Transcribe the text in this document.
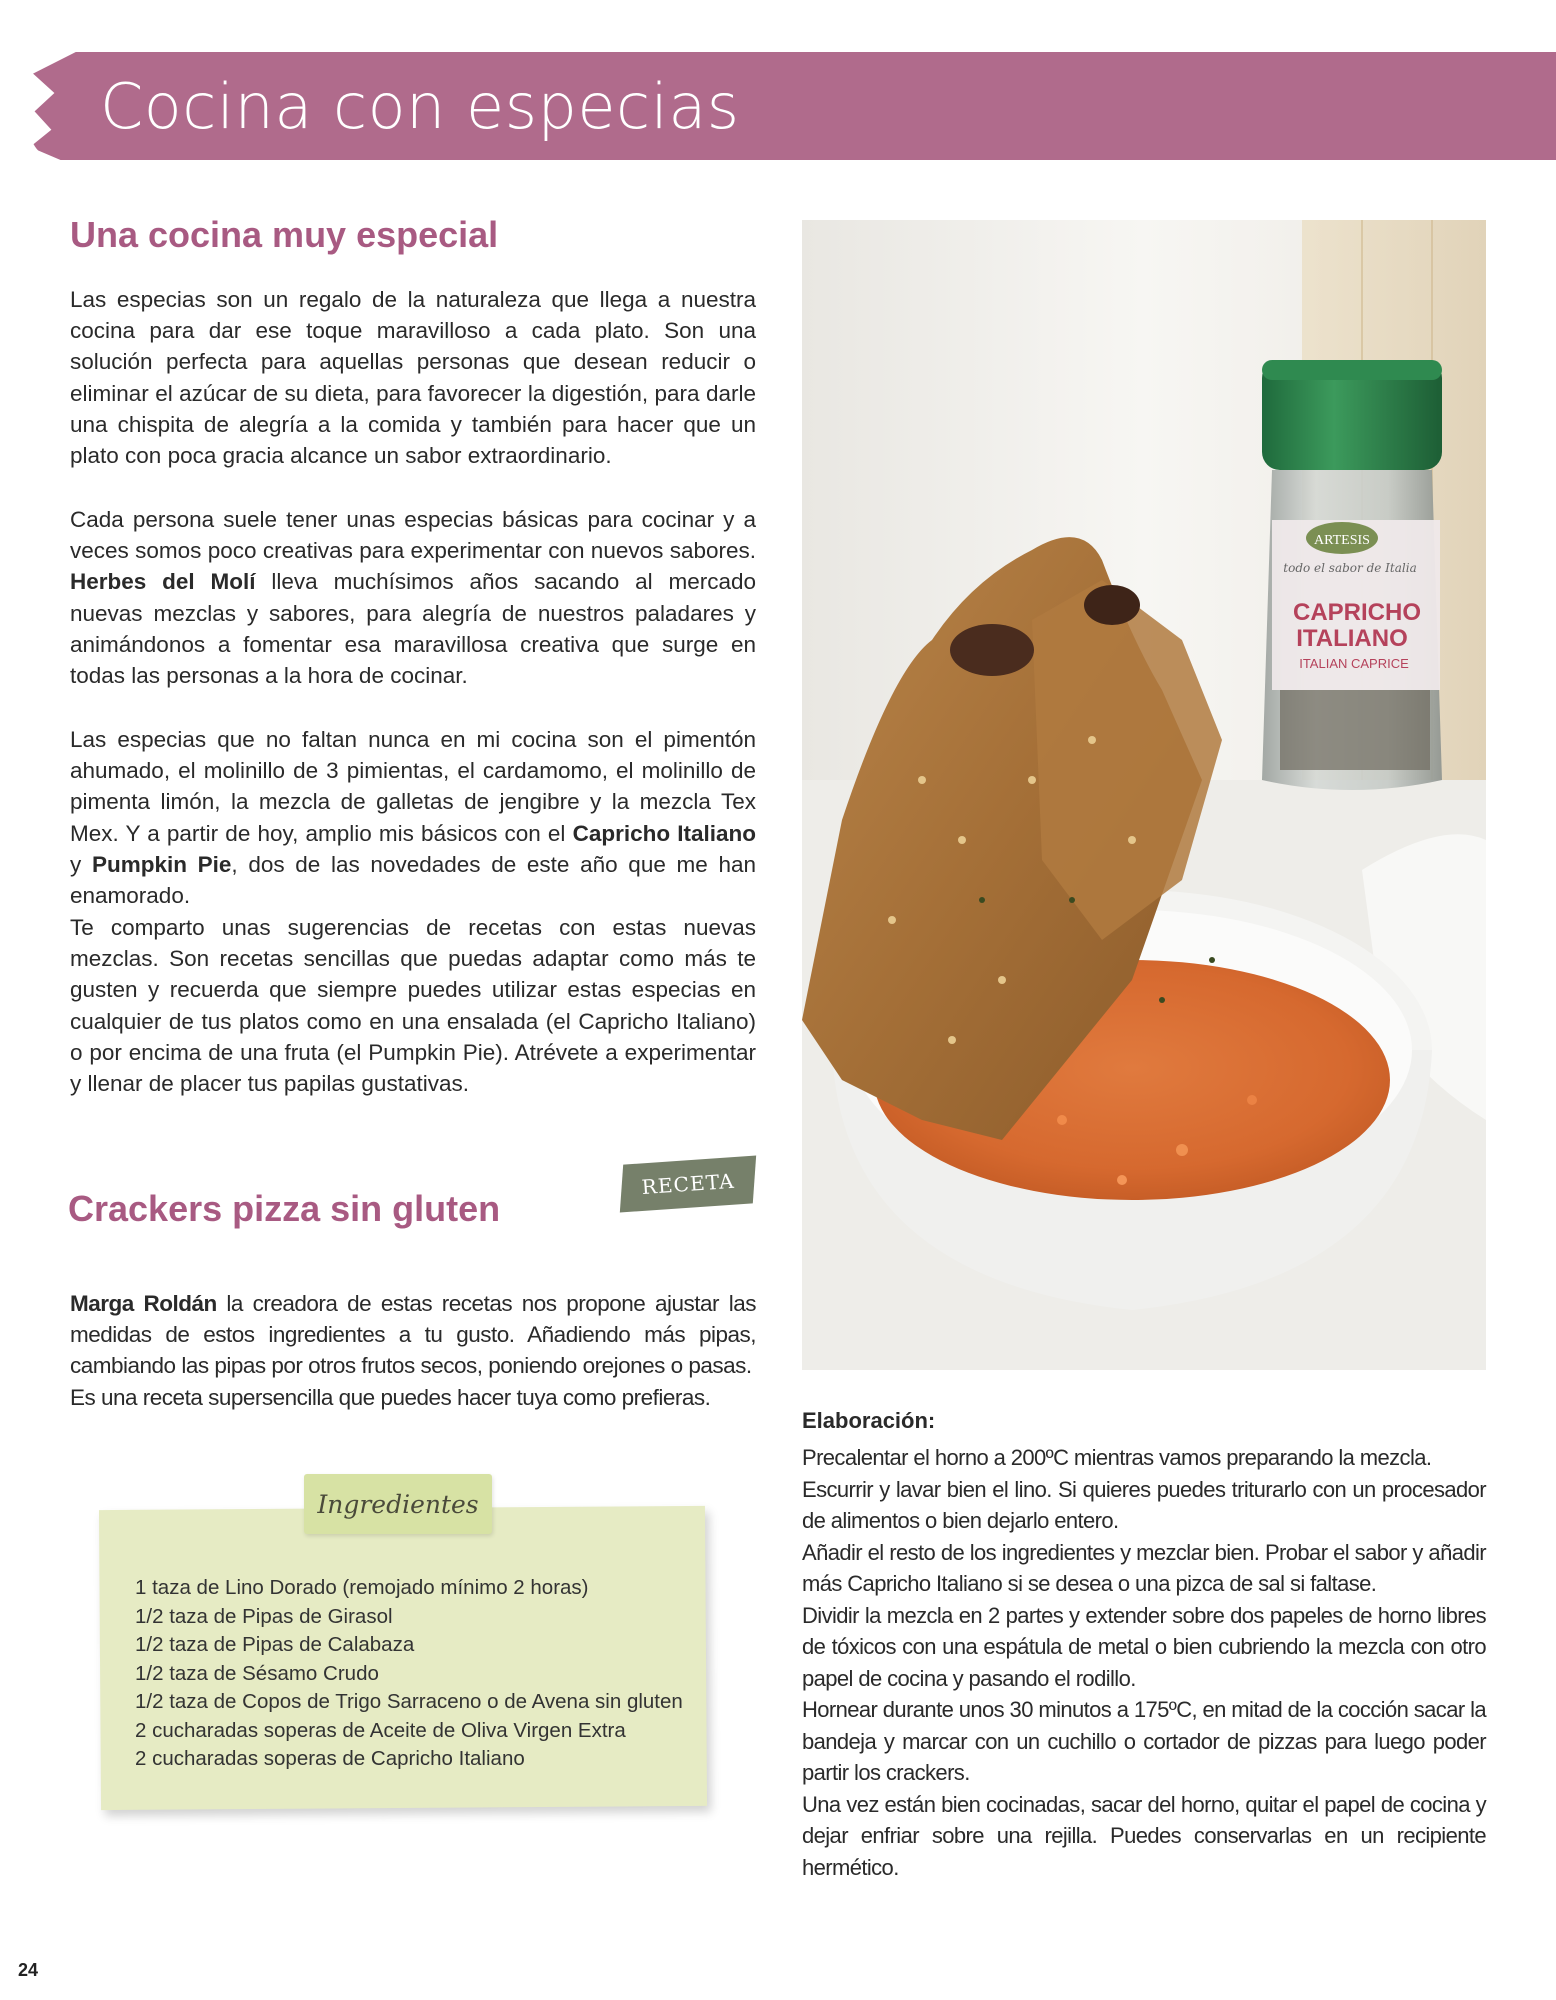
Cocina con especias
Una cocina muy especial

Las especias son un regalo de la naturaleza que llega a nuestra cocina para dar ese toque maravilloso a cada plato. Son una solución perfecta para aquellas personas que desean reducir o eliminar el azúcar de su dieta, para favorecer la digestión, para darle una chispita de alegría a la comida y también para hacer que un plato con poca gracia alcance un sabor extraordinario.

Cada persona suele tener unas especias básicas para cocinar y a veces somos poco creativas para experimentar con nuevos sabores. Herbes del Molí lleva muchísimos años sacando al mercado nuevas mezclas y sabores, para alegría de nuestros paladares y animándonos a fomentar esa maravillosa creativa que surge en todas las personas a la hora de cocinar.

Las especias que no faltan nunca en mi cocina son el pimentón ahumado, el molinillo de 3 pimientas, el cardamomo, el molinillo de pimenta limón, la mezcla de galletas de jengibre y la mezcla Tex Mex. Y a partir de hoy, amplio mis básicos con el Capricho Italiano y Pumpkin Pie, dos de las novedades de este año que me han enamorado.

Te comparto unas sugerencias de recetas con estas nuevas mezclas. Son recetas sencillas que puedas adaptar como más te gusten y recuerda que siempre puedes utilizar estas especias en cualquier de tus platos como en una ensalada (el Capricho Italiano) o por encima de una fruta (el Pumpkin Pie). Atrévete a experimentar y llenar de placer tus papilas gustativas.

RECETA
Crackers pizza sin gluten

Marga Roldán la creadora de estas recetas nos propone ajustar las medidas de estos ingredientes a tu gusto. Añadiendo más pipas, cambiando las pipas por otros frutos secos, poniendo orejones o pasas.
Es una receta supersencilla que puedes hacer tuya como prefieras.

Ingredientes
1 taza de Lino Dorado (remojado mínimo 2 horas)
1/2 taza de Pipas de Girasol
1/2 taza de Pipas de Calabaza
1/2 taza de Sésamo Crudo
1/2 taza de Copos de Trigo Sarraceno o de Avena sin gluten
2 cucharadas soperas de Aceite de Oliva Virgen Extra
2 cucharadas soperas de Capricho Italiano
ARTESIS
todo el sabor de Italia
CAPRICHO
ITALIANO
ITALIAN CAPRICE
Elaboración:

Precalentar el horno a 200ºC mientras vamos preparando la mezcla.

Escurrir y lavar bien el lino. Si quieres puedes triturarlo con un procesador de alimentos o bien dejarlo entero.

Añadir el resto de los ingredientes y mezclar bien. Probar el sabor y añadir más Capricho Italiano si se desea o una pizca de sal si faltase.

Dividir la mezcla en 2 partes y extender sobre dos papeles de horno libres de tóxicos con una espátula de metal o bien cubriendo la mezcla con otro papel de cocina y pasando el rodillo.

Hornear durante unos 30 minutos a 175ºC, en mitad de la cocción sacar la bandeja y marcar con un cuchillo o cortador de pizzas para luego poder partir los crackers.

Una vez están bien cocinadas, sacar del horno, quitar el papel de cocina y dejar enfriar sobre una rejilla. Puedes conservarlas en un recipiente hermético.

24
